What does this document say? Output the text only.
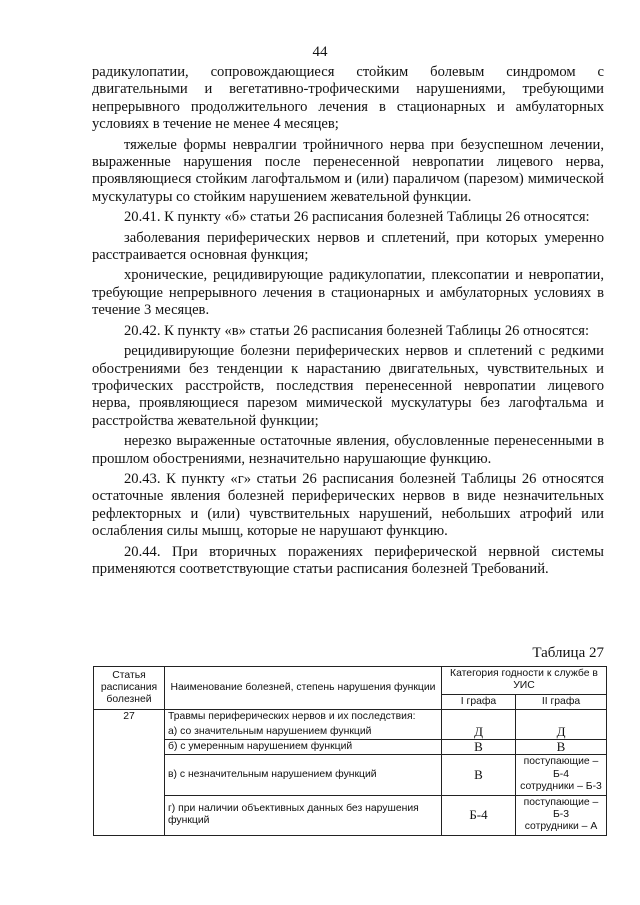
44

радикулопатии, сопровождающиеся стойким болевым синдромом с двигательными и вегетативно-трофическими нарушениями, требующими непрерывного продолжительного лечения в стационарных и амбулаторных условиях в течение не менее 4 месяцев;

тяжелые формы невралгии тройничного нерва при безуспешном лечении, выраженные нарушения после перенесенной невропатии лицевого нерва, проявляющиеся стойким лагофтальмом и (или) параличом (парезом) мимической мускулатуры со стойким нарушением жевательной функции.

20.41. К пункту «б» статьи 26 расписания болезней Таблицы 26 относятся:

заболевания периферических нервов и сплетений, при которых умеренно расстраивается основная функция;

хронические, рецидивирующие радикулопатии, плексопатии и невропатии, требующие непрерывного лечения в стационарных и амбулаторных условиях в течение 3 месяцев.

20.42. К пункту «в» статьи 26 расписания болезней Таблицы 26 относятся:

рецидивирующие болезни периферических нервов и сплетений с редкими обострениями без тенденции к нарастанию двигательных, чувствительных и трофических расстройств, последствия перенесенной невропатии лицевого нерва, проявляющиеся парезом мимической мускулатуры без лагофтальма и расстройства жевательной функции;

нерезко выраженные остаточные явления, обусловленные перенесенными в прошлом обострениями, незначительно нарушающие функцию.

20.43. К пункту «г» статьи 26 расписания болезней Таблицы 26 относятся остаточные явления болезней периферических нервов в виде незначительных рефлекторных и (или) чувствительных нарушений, небольших атрофий или ослабления силы мышц, которые не нарушают функцию.

20.44. При вторичных поражениях периферической нервной системы применяются соответствующие статьи расписания болезней Требований.

Таблица 27
Статья расписания болезней	Наименование болезней, степень нарушения функции	Категория годности к службе в УИС	
		I графа	II графа
27	Травмы периферических нервов и их последствия:		
	а) со значительным нарушением функций	Д	Д
	б) с умеренным нарушением функций	В	В
	в) с незначительным нарушением функций	В	поступающие – Б-4
сотрудники – Б-3

	г) при наличии объективных данных без нарушения функций	Б-4	поступающие – Б-3
сотрудники – А
